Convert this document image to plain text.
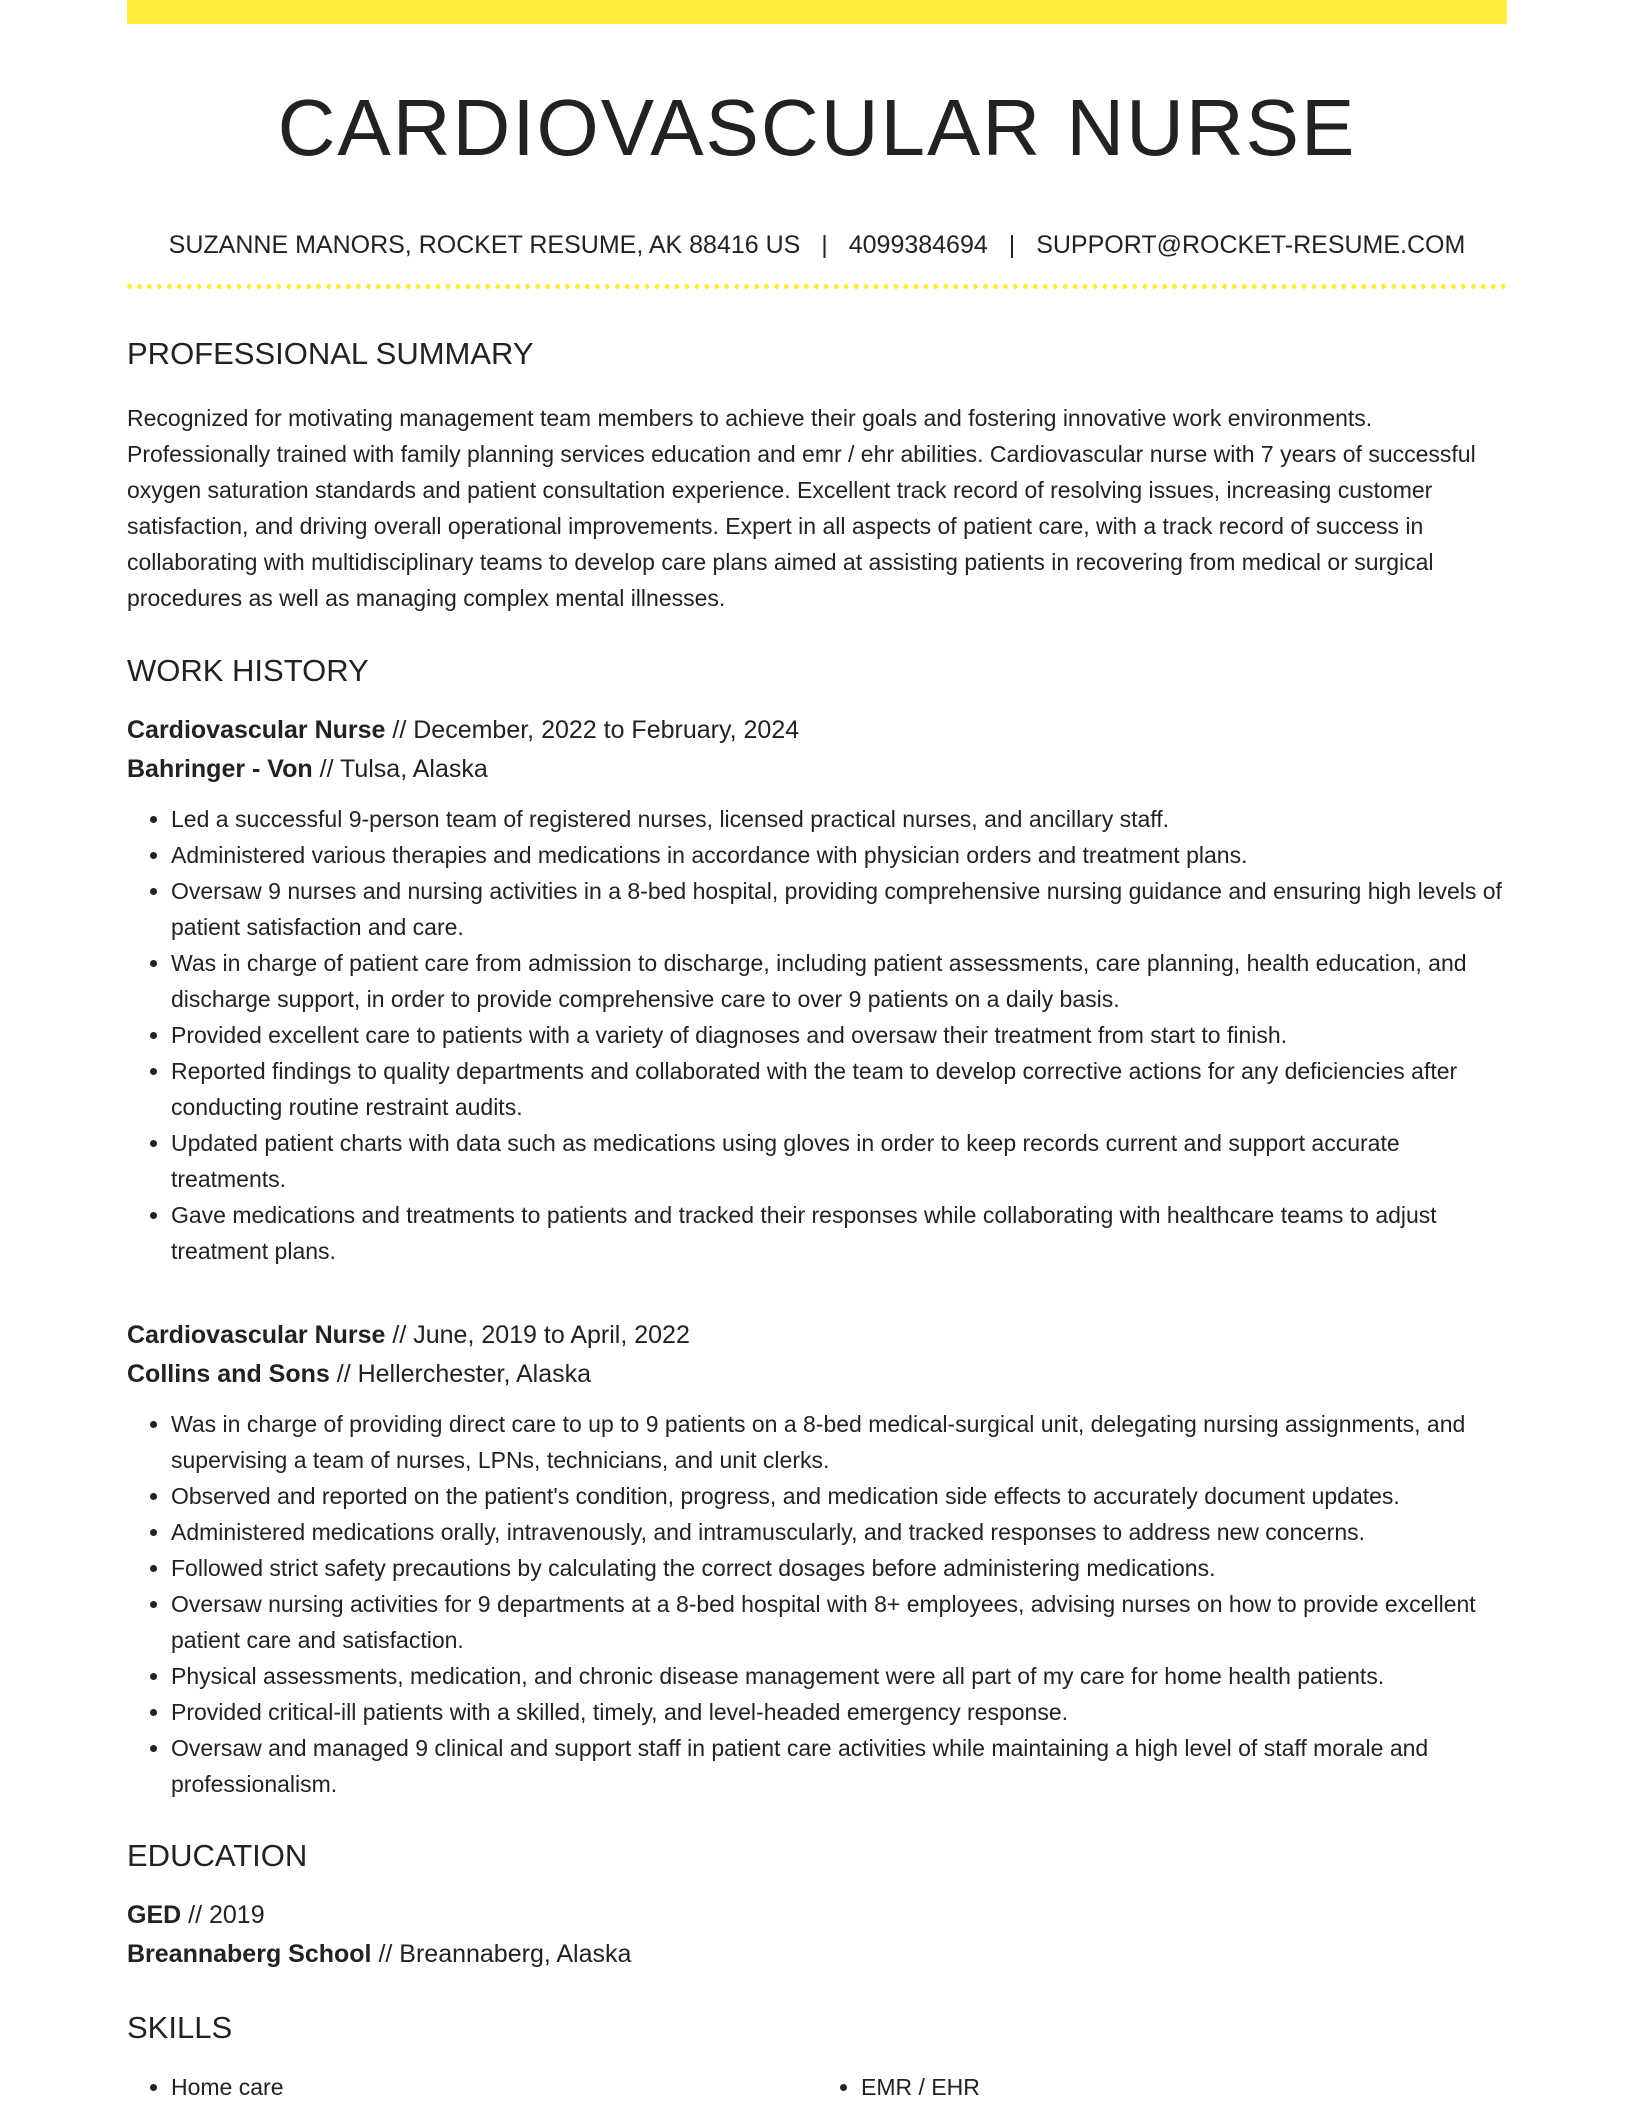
CARDIOVASCULAR NURSE
SUZANNE MANORS, ROCKET RESUME, AK 88416 US | 4099384694 | SUPPORT@ROCKET-RESUME.COM
PROFESSIONAL SUMMARY
Recognized for motivating management team members to achieve their goals and fostering innovative work environments. Professionally trained with family planning services education and emr / ehr abilities. Cardiovascular nurse with 7 years of successful oxygen saturation standards and patient consultation experience. Excellent track record of resolving issues, increasing customer satisfaction, and driving overall operational improvements. Expert in all aspects of patient care, with a track record of success in collaborating with multidisciplinary teams to develop care plans aimed at assisting patients in recovering from medical or surgical procedures as well as managing complex mental illnesses.
WORK HISTORY
Cardiovascular Nurse // December, 2022 to February, 2024
Bahringer - Von // Tulsa, Alaska
• Led a successful 9-person team of registered nurses, licensed practical nurses, and ancillary staff.
• Administered various therapies and medications in accordance with physician orders and treatment plans.
• Oversaw 9 nurses and nursing activities in a 8-bed hospital, providing comprehensive nursing guidance and ensuring high levels of patient satisfaction and care.
• Was in charge of patient care from admission to discharge, including patient assessments, care planning, health education, and discharge support, in order to provide comprehensive care to over 9 patients on a daily basis.
• Provided excellent care to patients with a variety of diagnoses and oversaw their treatment from start to finish.
• Reported findings to quality departments and collaborated with the team to develop corrective actions for any deficiencies after conducting routine restraint audits.
• Updated patient charts with data such as medications using gloves in order to keep records current and support accurate treatments.
• Gave medications and treatments to patients and tracked their responses while collaborating with healthcare teams to adjust treatment plans.
Cardiovascular Nurse // June, 2019 to April, 2022
Collins and Sons // Hellerchester, Alaska
• Was in charge of providing direct care to up to 9 patients on a 8-bed medical-surgical unit, delegating nursing assignments, and supervising a team of nurses, LPNs, technicians, and unit clerks.
• Observed and reported on the patient's condition, progress, and medication side effects to accurately document updates.
• Administered medications orally, intravenously, and intramuscularly, and tracked responses to address new concerns.
• Followed strict safety precautions by calculating the correct dosages before administering medications.
• Oversaw nursing activities for 9 departments at a 8-bed hospital with 8+ employees, advising nurses on how to provide excellent patient care and satisfaction.
• Physical assessments, medication, and chronic disease management were all part of my care for home health patients.
• Provided critical-ill patients with a skilled, timely, and level-headed emergency response.
• Oversaw and managed 9 clinical and support staff in patient care activities while maintaining a high level of staff morale and professionalism.
EDUCATION
GED // 2019
Breannaberg School // Breannaberg, Alaska
SKILLS
• Home care
•	EMR / EHR
